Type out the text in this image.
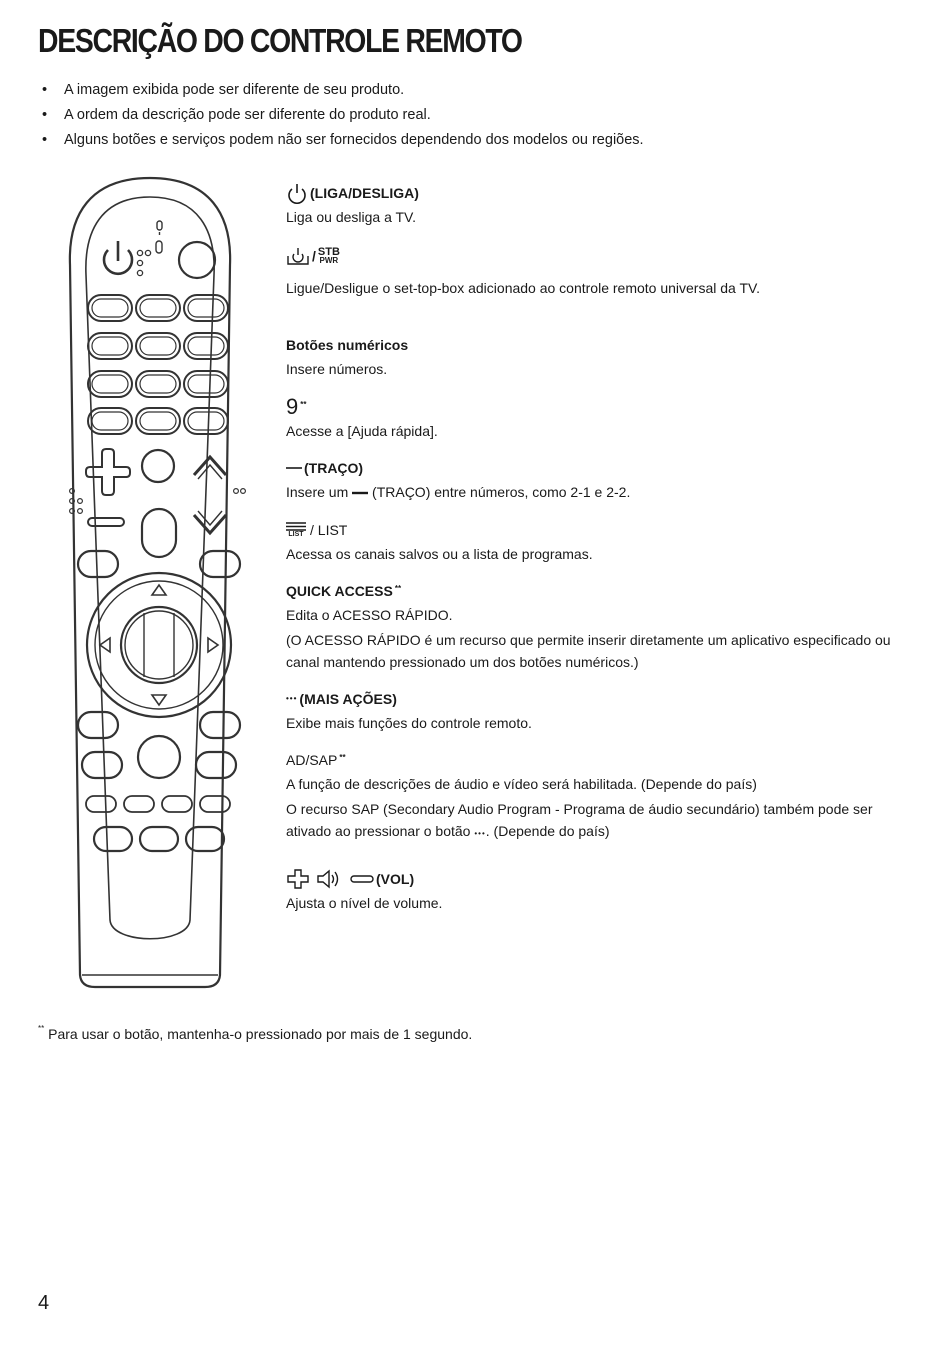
DESCRIÇÃO DO CONTROLE REMOTO
• A imagem exibida pode ser diferente de seu produto.
• A ordem da descrição pode ser diferente do produto real.
• Alguns botões e serviços podem não ser fornecidos dependendo dos modelos ou regiões.
(LIGA/DESLIGA)

Liga ou desliga a TV.

/ STB
PWR

Ligue/Desligue o set-top-box adicionado ao controle remoto universal da TV.

Botões numéricos

Insere números.

9 **

Acesse a [Ajuda rápida].

(TRAÇO)

Insere um (TRAÇO) entre números, como 2-1 e 2-2.

LIST / LIST

Acessa os canais salvos ou a lista de programas.

QUICK ACCESS **

Edita o ACESSO RÁPIDO.

(O ACESSO RÁPIDO é um recurso que permite inserir diretamente um aplicativo especificado ou canal mantendo pressionado um dos botões numéricos.)

••• (MAIS AÇÕES)

Exibe mais funções do controle remoto.

AD/SAP **

A função de descrições de áudio e vídeo será habilitada. (Depende do país)

O recurso SAP (Secondary Audio Program - Programa de áudio secundário) também pode ser ativado ao pressionar o botão •••. (Depende do país)

(VOL)

Ajusta o nível de volume.

** Para usar o botão, mantenha-o pressionado por mais de 1 segundo.

4
